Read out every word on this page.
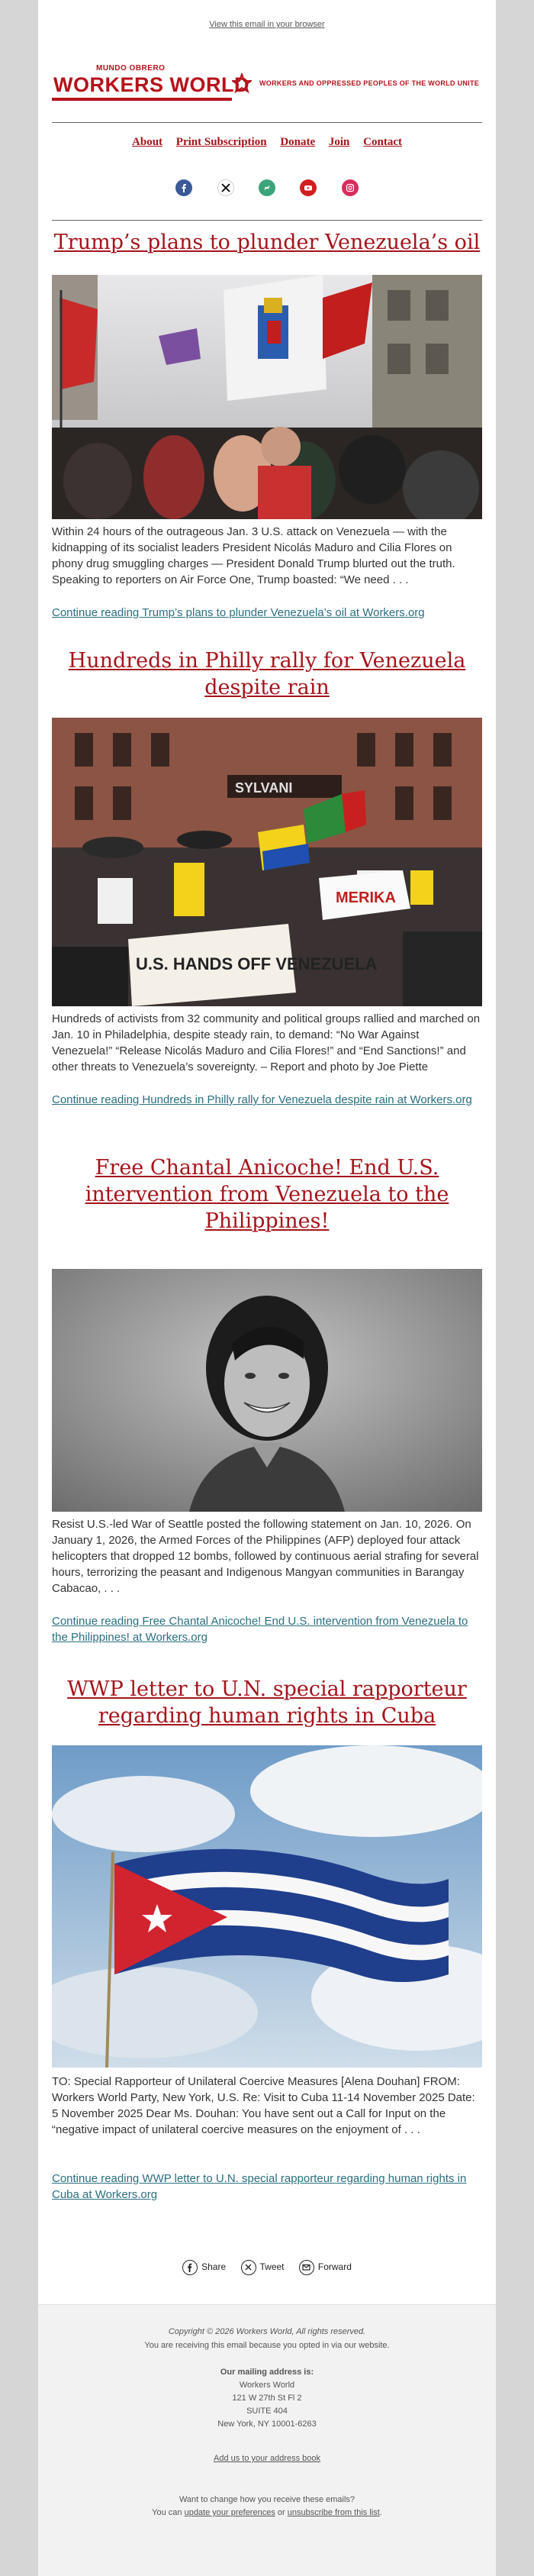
View this email in your browser
MUNDO OBRERO
WORKERS WORLD WORKERS AND OPPRESSED PEOPLES OF THE WORLD UNITE
About Print Subscription Donate Join Contact

Trump’s plans to plunder Venezuela’s oil
Within 24 hours of the outrageous Jan. 3 U.S. attack on Venezuela — with the kidnapping of its socialist leaders President Nicolás Maduro and Cilia Flores on phony drug smuggling charges — President Donald Trump blurted out the truth. Speaking to reporters on Air Force One, Trump boasted: “We need . . .
Continue reading Trump’s plans to plunder Venezuela’s oil at Workers.org
Hundreds in Philly rally for Venezuela despite rain
SYLVANI
U.S. HANDS OFF VENEZUELA
MERIKA
Hundreds of activists from 32 community and political groups rallied and marched on Jan. 10 in Philadelphia, despite steady rain, to demand: “No War Against Venezuela!” “Release Nicolás Maduro and Cilia Flores!” and “End Sanctions!” and other threats to Venezuela’s sovereignty. – Report and photo by Joe Piette
Continue reading Hundreds in Philly rally for Venezuela despite rain at Workers.org
Free Chantal Anicoche! End U.S. intervention from Venezuela to the Philippines!
Resist U.S.-led War of Seattle posted the following statement on Jan. 10, 2026. On January 1, 2026, the Armed Forces of the Philippines (AFP) deployed four attack helicopters that dropped 12 bombs, followed by continuous aerial strafing for several hours, terrorizing the peasant and Indigenous Mangyan communities in Barangay Cabacao, . . .
Continue reading Free Chantal Anicoche! End U.S. intervention from Venezuela to the Philippines! at Workers.org
WWP letter to U.N. special rapporteur regarding human rights in Cuba
TO: Special Rapporteur of Unilateral Coercive Measures [Alena Douhan] FROM: Workers World Party, New York, U.S. Re: Visit to Cuba 11-14 November 2025 Date: 5 November 2025 Dear Ms. Douhan: You have sent out a Call for Input on the “negative impact of unilateral coercive measures on the enjoyment of . . .
Continue reading WWP letter to U.N. special rapporteur regarding human rights in Cuba at Workers.org
Share	Tweet	Forward
Copyright © 2026 Workers World, All rights reserved.
You are receiving this email because you opted in via our website.
Our mailing address is:
Workers World
121 W 27th St Fl 2
SUITE 404
New York, NY 10001-6263
Add us to your address book
Want to change how you receive these emails?
You can update your preferences or unsubscribe from this list.
